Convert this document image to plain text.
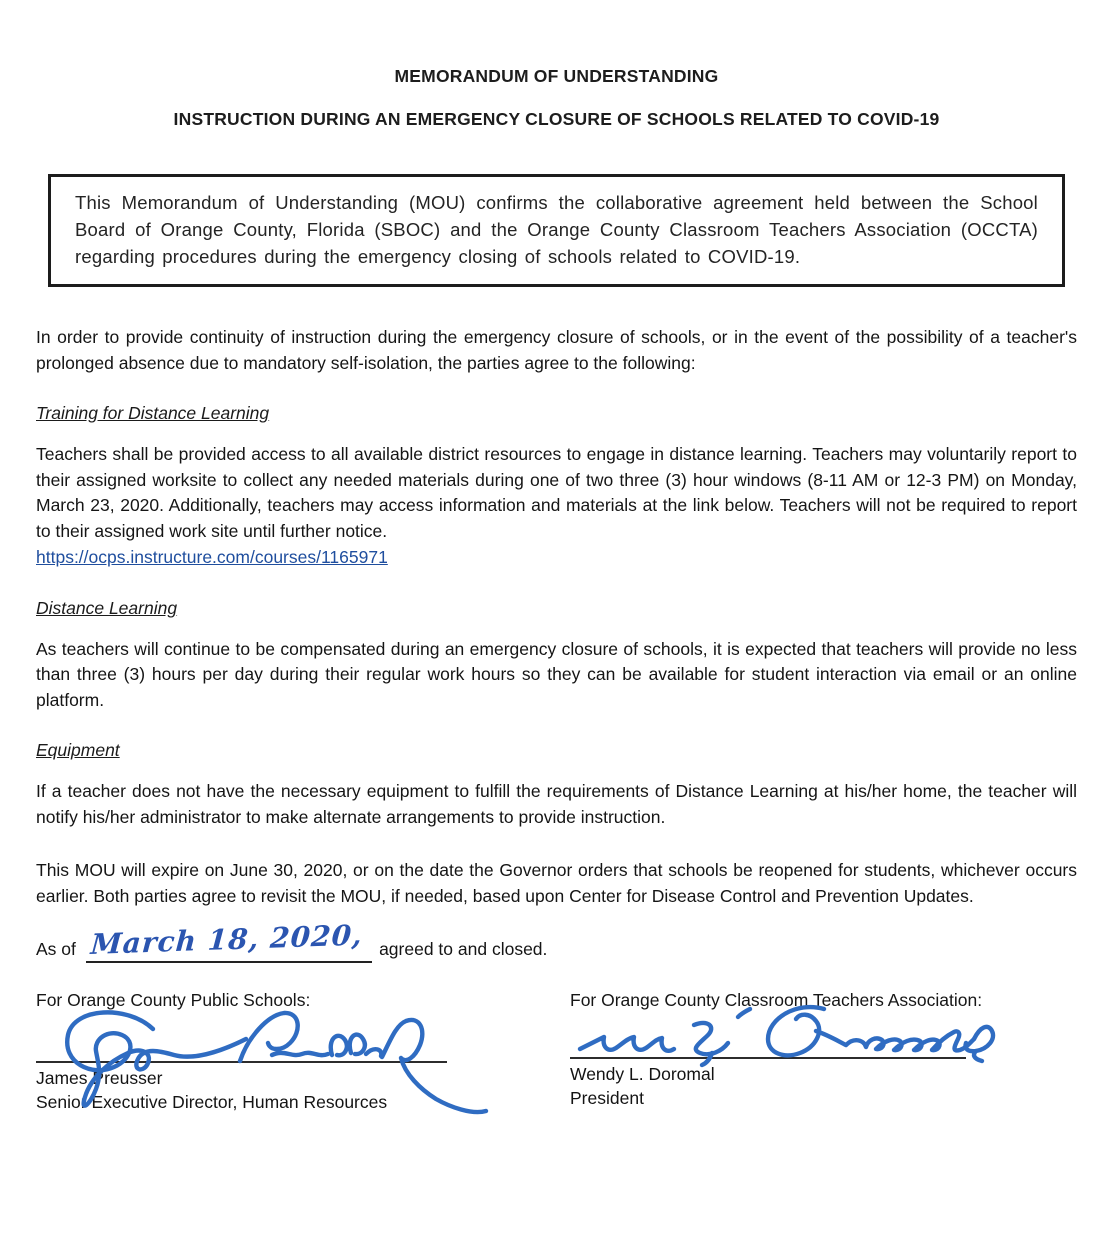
MEMORANDUM OF UNDERSTANDING
INSTRUCTION DURING AN EMERGENCY CLOSURE OF SCHOOLS RELATED TO COVID-19
This Memorandum of Understanding (MOU) confirms the collaborative agreement held between the School Board of Orange County, Florida (SBOC) and the Orange County Classroom Teachers Association (OCCTA) regarding procedures during the emergency closing of schools related to COVID-19.

In order to provide continuity of instruction during the emergency closure of schools, or in the event of the possibility of a teacher's prolonged absence due to mandatory self-isolation, the parties agree to the following:

Training for Distance Learning

Teachers shall be provided access to all available district resources to engage in distance learning. Teachers may voluntarily report to their assigned worksite to collect any needed materials during one of two three (3) hour windows (8-11 AM or 12-3 PM) on Monday, March 23, 2020. Additionally, teachers may access information and materials at the link below. Teachers will not be required to report to their assigned work site until further notice.

https://ocps.instructure.com/courses/1165971
Distance Learning

As teachers will continue to be compensated during an emergency closure of schools, it is expected that teachers will provide no less than three (3) hours per day during their regular work hours so they can be available for student interaction via email or an online platform.

Equipment

If a teacher does not have the necessary equipment to fulfill the requirements of Distance Learning at his/her home, the teacher will notify his/her administrator to make alternate arrangements to provide instruction.

This MOU will expire on June 30, 2020, or on the date the Governor orders that schools be reopened for students, whichever occurs earlier. Both parties agree to revisit the MOU, if needed, based upon Center for Disease Control and Prevention Updates.

As of March 18, 2020, agreed to and closed.

For Orange County Public Schools:
James Preusser
Senior Executive Director, Human Resources
For Orange County Classroom Teachers Association:
Wendy L. Doromal
President
